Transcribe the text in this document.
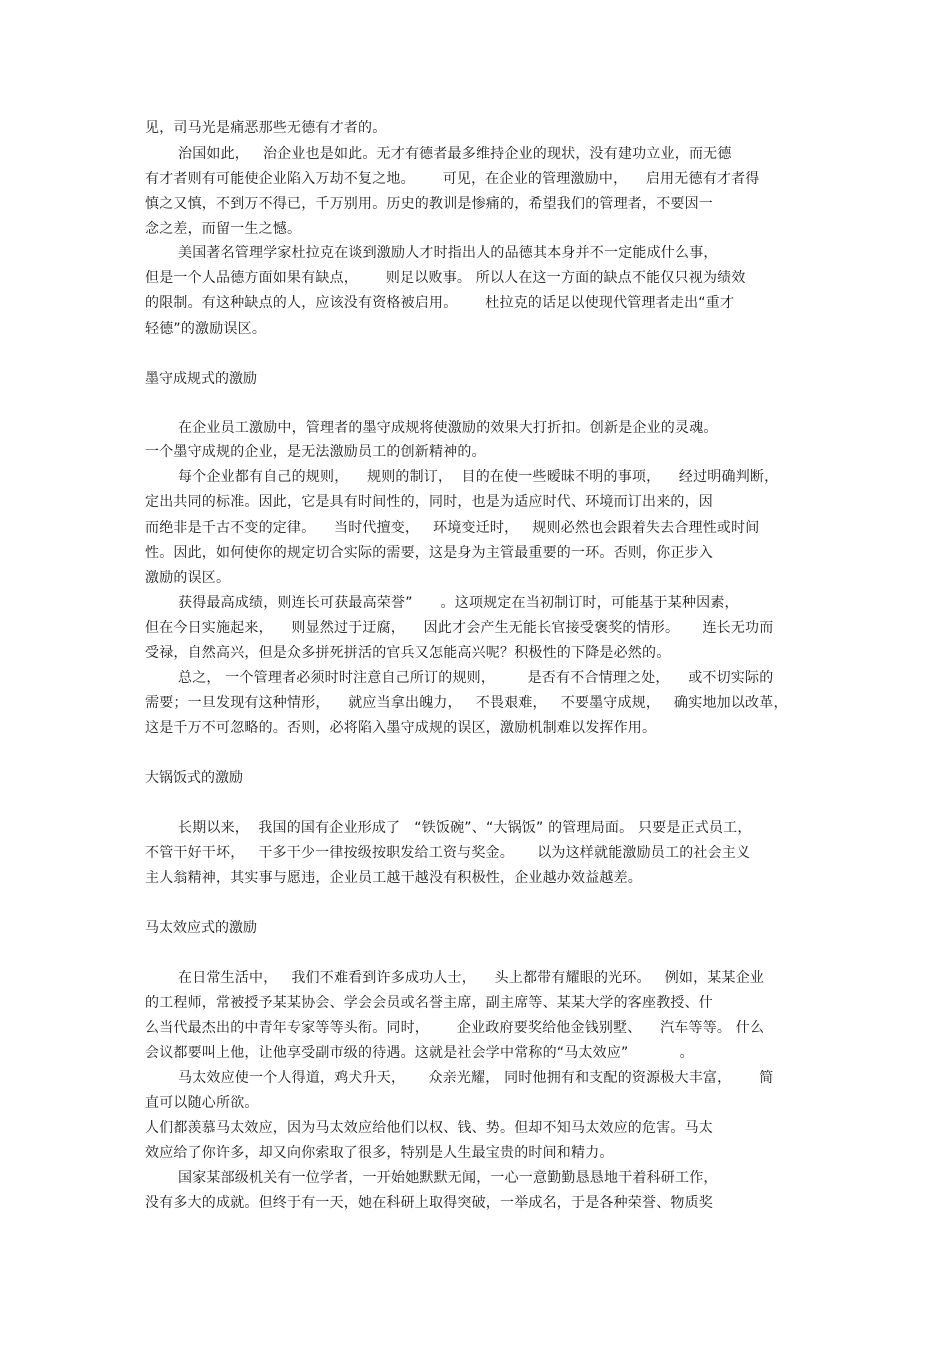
见，司马光是痛恶那些无德有才者的。
治国如此，   治企业也是如此。无才有德者最多维持企业的现状，没有建功立业，而无德
有才者则有可能使企业陷入万劫不复之地。      可见，在企业的管理激励中，    启用无德有才者得
慎之又慎，不到万不得已，千万别用。历史的教训是惨痛的，希望我们的管理者，不要因一
念之差，而留一生之憾。
美国著名管理学家杜拉克在谈到激励人才时指出人的品德其本身并不一定能成什么事，
但是一个人品德方面如果有缺点，      则足以败事。 所以人在这一方面的缺点不能仅只视为绩效
的限制。有这种缺点的人，应该没有资格被启用。      杜拉克的话足以使现代管理者走出“重才
轻德”的激励误区。
墨守成规式的激励
在企业员工激励中，管理者的墨守成规将使激励的效果大打折扣。创新是企业的灵魂。
一个墨守成规的企业，是无法激励员工的创新精神的。
每个企业都有自己的规则，    规则的制订，  目的在使一些暧昧不明的事项，    经过明确判断，
定出共同的标准。因此，它是具有时间性的，同时，也是为适应时代、环境而订出来的，因
而绝非是千古不变的定律。    当时代擅变，   环境变迁时，   规则必然也会跟着失去合理性或时间
性。因此，如何使你的规定切合实际的需要，这是身为主管最重要的一环。否则，你正步入
激励的误区。
获得最高成绩，则连长可获最高荣誉”      。这项规定在当初制订时，可能基于某种因素，
但在今日实施起来，    则显然过于迂腐，    因此才会产生无能长官接受褒奖的情形。     连长无功而
受禄，自然高兴，但是众多拼死拼活的官兵又怎能高兴呢？积极性的下降是必然的。
总之， 一个管理者必须时时注意自己所订的规则，       是否有不合情理之处，    或不切实际的
需要；一旦发现有这种情形，    就应当拿出魄力，   不畏艰难，   不要墨守成规，   确实地加以改革，
这是千万不可忽略的。否则，必将陷入墨守成规的误区，激励机制难以发挥作用。
大锅饭式的激励
长期以来，  我国的国有企业形成了   “铁饭碗”、“大锅饭” 的管理局面。 只要是正式员工，
不管干好干坏，   干多干少一律按级按职发给工资与奖金。     以为这样就能激励员工的社会主义
主人翁精神，其实事与愿违，企业员工越干越没有积极性，企业越办效益越差。
马太效应式的激励
在日常生活中，   我们不难看到许多成功人士，    头上都带有耀眼的光环。   例如，某某企业
的工程师，常被授予某某协会、学会会员或名誉主席，副主席等、某某大学的客座教授、什
么当代最杰出的中青年专家等等头衔。同时，      企业政府要奖给他金钱别墅、    汽车等等。 什么
会议都要叫上他，让他享受副市级的待遇。这就是社会学中常称的“马太效应”           。
马太效应使一个人得道，鸡犬升天，     众亲光耀， 同时他拥有和支配的资源极大丰富，      简
直可以随心所欲。
人们都羡慕马太效应，因为马太效应给他们以权、钱、势。但却不知马太效应的危害。马太
效应给了你许多，却又向你索取了很多，特别是人生最宝贵的时间和精力。
国家某部级机关有一位学者，一开始她默默无闻，一心一意勤勤恳恳地干着科研工作，
没有多大的成就。但终于有一天，她在科研上取得突破，一举成名，于是各种荣誉、物质奖
